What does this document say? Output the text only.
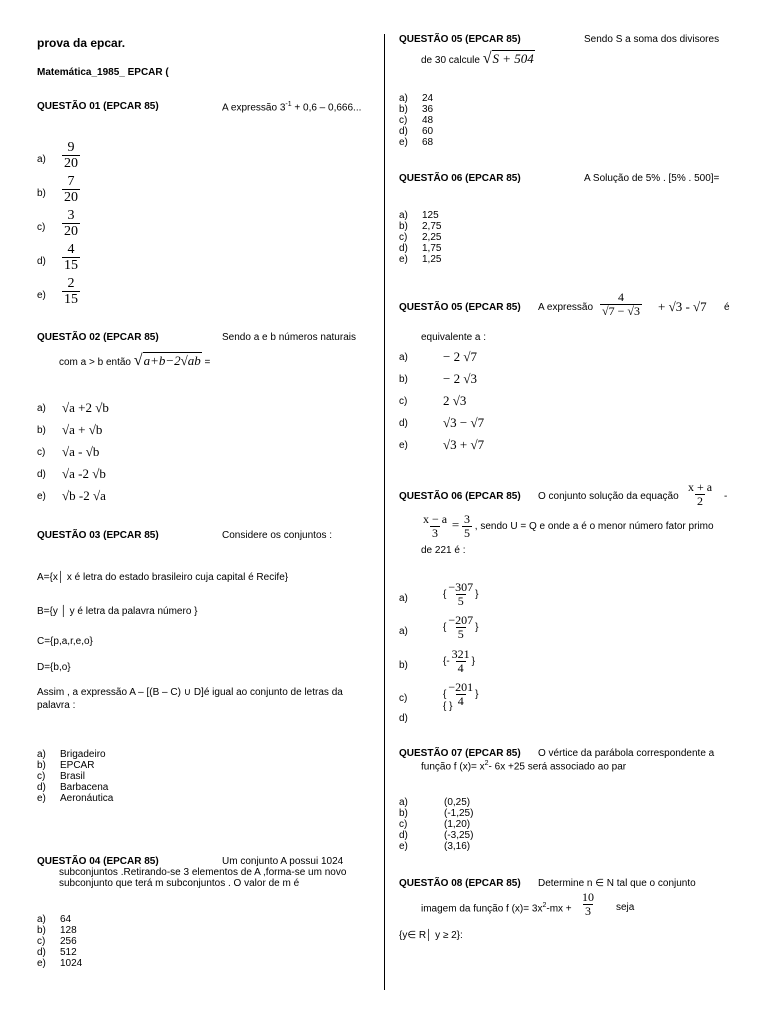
prova da epcar.
Matemática_1985_ EPCAR (
QUESTÃO 01 (EPCAR 85)	A expressão $3^{-1} + 0,6 - 0,666$...
$a) \frac{9}{20}$
$b) \frac{7}{20}$
$c) \frac{3}{20}$
$d) \frac{4}{15}$
$e) \frac{2}{15}$
QUESTÃO 02 (EPCAR 85)	Sendo a e b números naturais
com a > b então √a+b−2√ab =
a) √a +2 √b
b) √a + √b
c) √a - √b
d) √a -2 √b
e) √b -2 √a
QUESTÃO 03 (EPCAR 85)	Considere os conjuntos :
A={x│ x é letra do estado brasileiro cuja capital é Recife}
B={y │ y é letra da palavra número }
C={p,a,r,e,o}
D={b,o}
Assim , a expressão A – [(B – C) ∪ D]é igual ao conjunto de letras da
palavra :
a) Brigadeiro
b) EPCAR
c) Brasil
d) Barbacena
e) Aeronáutica
QUESTÃO 04 (EPCAR 85)	Um conjunto A possui 1024
subconjuntos .Retirando-se 3 elementos de A ,forma-se um novo
subconjunto que terá m subconjuntos . O valor de m é
a) 64
b) 128
c) 256
d) 512
e) 1024
QUESTÃO 05 (EPCAR 85)	Sendo S a soma dos divisores
de 30 calcule √S + 504
a) 24
b) 36
c) 48
d) 60
e) 68
QUESTÃO 06 (EPCAR 85)	A Solução de 5% . [5% . 500]=
a) 125
b) 2,75
c) 2,25
d) 1,75
e) 1,25
QUESTÃO 05 (EPCAR 85) A expressão $\frac{4}{√7 - √3} + √3 - √7$ é
equivalente a :
a)	− 2 √7
b)	− 2 √3
c)	2 √3
d)	√3 − √7
e)	√3 + √7
QUESTÃO 06 (EPCAR 85) O conjunto solução da equação $\frac{x + a}{2}$ -
$\frac{x - a}{3} = \frac{3}{5}$ , sendo U = Q e onde a é o menor número fator primo
de 221 é :
a)	{ $\frac{-307}{5}$ }
a)	{ $\frac{-207}{5}$ }
b)	{- $\frac{321}{4}$ }
c)	{ $\frac{-201}{4}$ }
d)
{ }
QUESTÃO 07 (EPCAR 85) O vértice da parábola correspondente a
função f $(x)= x^2-$ 6x +25 será associado ao par
a)	(0,25)
b)	(-1,25)
c)	(1,20)
d)	(-3,25)
e)	(3,16)
QUESTÃO 08 (EPCAR 85) Determine n ∈ N tal que o conjunto
imagem da função f $(x)= 3x^2-mx + \frac{10}{3}$ seja
{y∈ R│ y ≥ 2}:
